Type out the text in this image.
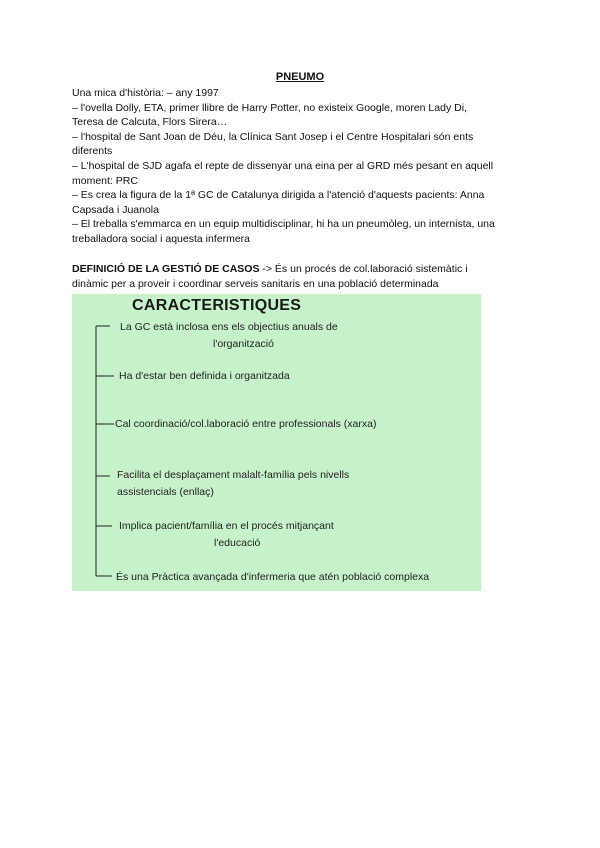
PNEUMO

Una mica d'història: – any 1997

– l'ovella Dolly, ETA, primer llibre de Harry Potter, no existeix Google, moren Lady Di,

Teresa de Calcuta, Flors Sirera…

– l'hospital de Sant Joan de Déu, la Clínica Sant Josep i el Centre Hospitalari són ents

diferents

– L'hospital de SJD agafa el repte de dissenyar una eina per al GRD més pesant en aquell

moment: PRC

– Es crea la figura de la 1ª GC de Catalunya dirigida a l'atenció d'aquests pacients: Anna

Capsada i Juanola

– El treballa s'emmarca en un equip multidisciplinar, hi ha un pneumòleg, un internista, una

treballadora social i aquesta infermera

DEFINICIÓ DE LA GESTIÓ DE CASOS -> És un procés de col.laboració sistemàtic i
dinàmic per a proveir i coordinar serveis sanitaris en una població determinada
CARACTERISTIQUES
La GC està inclosa ens els objectius anuals de
l'organització
Ha d'estar ben definida i organitzada
Cal coordinació/col.laboració entre professionals (xarxa)
Facilita el desplaçament malalt-família pels nivells
assistencials (enllaç)
Implica pacient/família en el procés mitjançant
l'educació
És una Pràctica avançada d'infermeria que atén població complexa
